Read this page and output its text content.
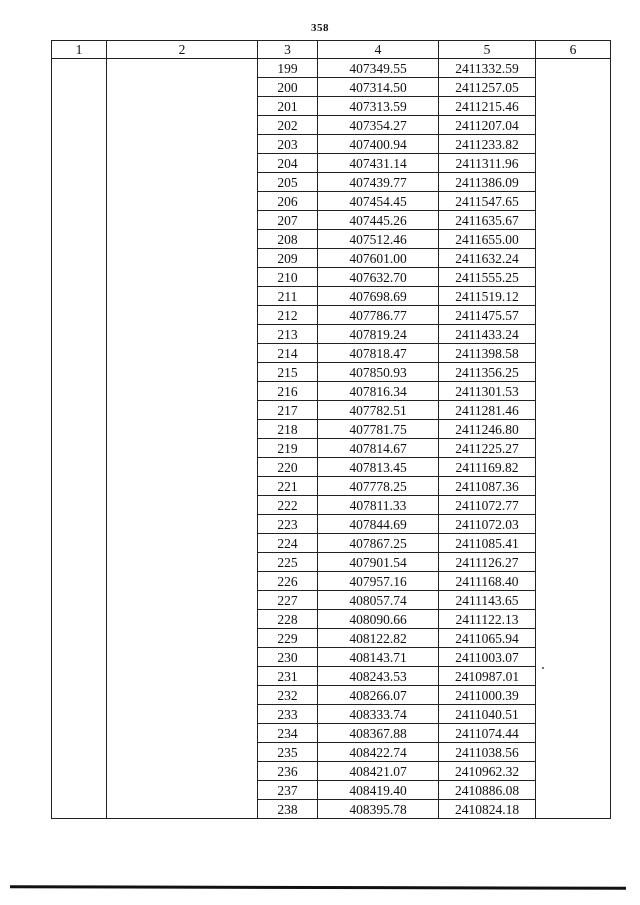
358
1	2	3	4	5	6
		199	407349.55	2411332.59	
		200	407314.50	2411257.05	
		201	407313.59	2411215.46	
		202	407354.27	2411207.04	
		203	407400.94	2411233.82	
		204	407431.14	2411311.96	
		205	407439.77	2411386.09	
		206	407454.45	2411547.65	
		207	407445.26	2411635.67	
		208	407512.46	2411655.00	
		209	407601.00	2411632.24	
		210	407632.70	2411555.25	
		211	407698.69	2411519.12	
		212	407786.77	2411475.57	
		213	407819.24	2411433.24	
		214	407818.47	2411398.58	
		215	407850.93	2411356.25	
		216	407816.34	2411301.53	
		217	407782.51	2411281.46	
		218	407781.75	2411246.80	
		219	407814.67	2411225.27	
		220	407813.45	2411169.82	
		221	407778.25	2411087.36	
		222	407811.33	2411072.77	
		223	407844.69	2411072.03	
		224	407867.25	2411085.41	
		225	407901.54	2411126.27	
		226	407957.16	2411168.40	
		227	408057.74	2411143.65	
		228	408090.66	2411122.13	
		229	408122.82	2411065.94	
		230	408143.71	2411003.07	
		231	408243.53	2410987.01	
		232	408266.07	2411000.39	
		233	408333.74	2411040.51	
		234	408367.88	2411074.44	
		235	408422.74	2411038.56	
		236	408421.07	2410962.32	
		237	408419.40	2410886.08	
		238	408395.78	2410824.18	
